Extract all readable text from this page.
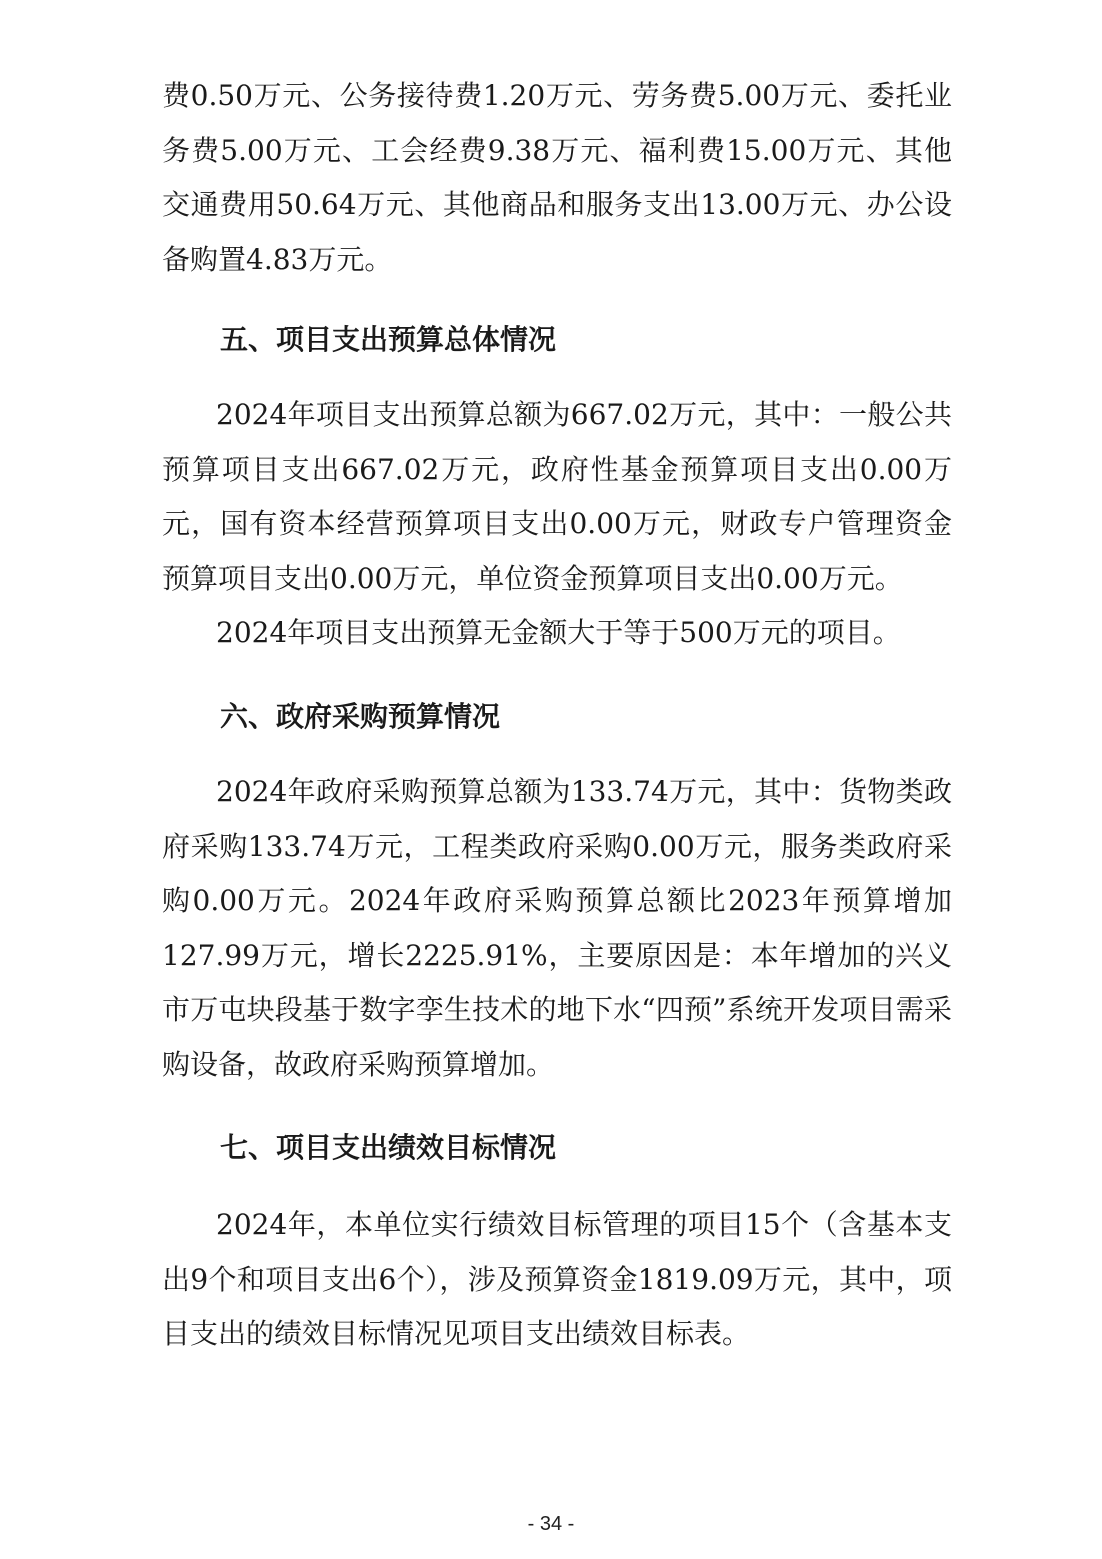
费0.50万元、公务接待费1.20万元、劳务费5.00万元、委托业务费5.00万元、工会经费9.38万元、福利费15.00万元、其他交通费用50.64万元、其他商品和服务支出13.00万元、办公设备购置4.83万元。

五、项目支出预算总体情况

2024年项目支出预算总额为667.02万元，其中：一般公共预算项目支出667.02万元，政府性基金预算项目支出0.00万元，国有资本经营预算项目支出0.00万元，财政专户管理资金预算项目支出0.00万元，单位资金预算项目支出0.00万元。

2024年项目支出预算无金额大于等于500万元的项目。

六、政府采购预算情况

2024年政府采购预算总额为133.74万元，其中：货物类政府采购133.74万元，工程类政府采购0.00万元，服务类政府采购0.00万元。2024年政府采购预算总额比2023年预算增加127.99万元，增长2225.91%，主要原因是：本年增加的兴义市万屯块段基于数字孪生技术的地下水“四预”系统开发项目需采购设备，故政府采购预算增加。

七、项目支出绩效目标情况

2024年，本单位实行绩效目标管理的项目15个（含基本支出9个和项目支出6个），涉及预算资金1819.09万元，其中，项目支出的绩效目标情况见项目支出绩效目标表。

- 34 -
